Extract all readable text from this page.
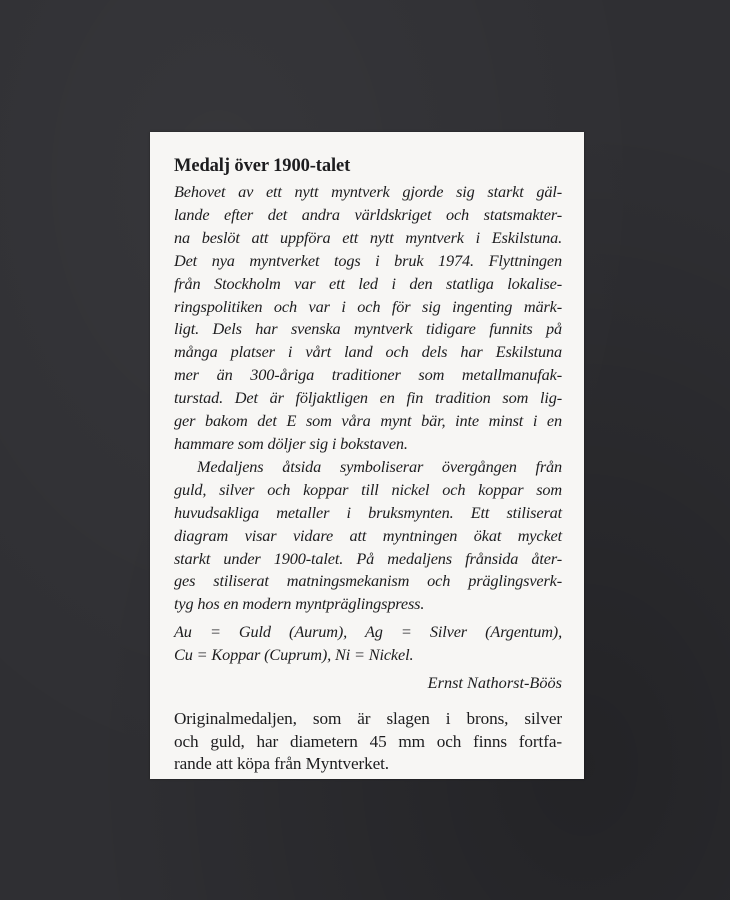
Medalj över 1900-talet
Behovet av ett nytt myntverk gjorde sig starkt gäl-
lande efter det andra världskriget och statsmakter-
na beslöt att uppföra ett nytt myntverk i Eskilstuna.
Det nya myntverket togs i bruk 1974. Flyttningen
från Stockholm var ett led i den statliga lokalise-
ringspolitiken och var i och för sig ingenting märk-
ligt. Dels har svenska myntverk tidigare funnits på
många platser i vårt land och dels har Eskilstuna
mer än 300-åriga traditioner som metallmanufak-
turstad. Det är följaktligen en fin tradition som lig-
ger bakom det E som våra mynt bär, inte minst i en
hammare som döljer sig i bokstaven.
Medaljens åtsida symboliserar övergången från
guld, silver och koppar till nickel och koppar som
huvudsakliga metaller i bruksmynten. Ett stiliserat
diagram visar vidare att myntningen ökat mycket
starkt under 1900-talet. På medaljens frånsida åter-
ges stiliserat matningsmekanism och präglingsverk-
tyg hos en modern myntpräglingspress.
Au = Guld (Aurum), Ag = Silver (Argentum),
Cu = Koppar (Cuprum), Ni = Nickel.
Ernst Nathorst-Böös
Originalmedaljen, som är slagen i brons, silver
och guld, har diametern 45 mm och finns fortfa-
rande att köpa från Myntverket.
